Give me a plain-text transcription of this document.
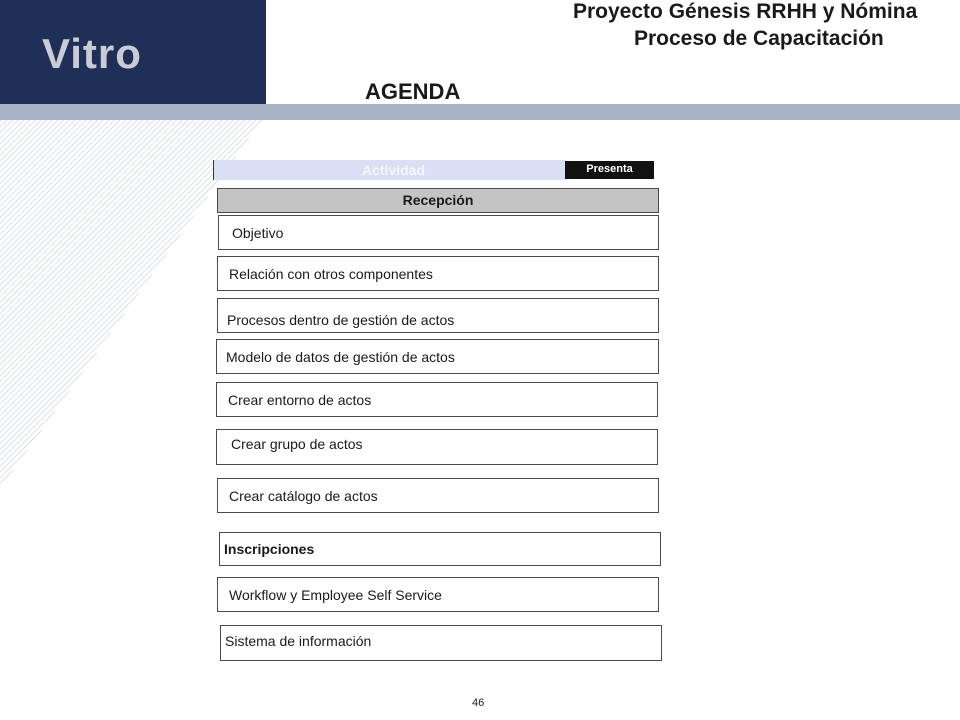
Vitro
Proyecto Génesis RRHH y Nómina
Proceso de Capacitación
AGENDA
Actividad	Presenta
Recepción
Objetivo
Relación con otros componentes
Procesos dentro de gestión de actos
Modelo de datos de gestión de actos
Crear entorno de actos
Crear grupo de actos
Crear catálogo de actos
Inscripciones
Workflow y Employee Self Service
Sistema de información
46
